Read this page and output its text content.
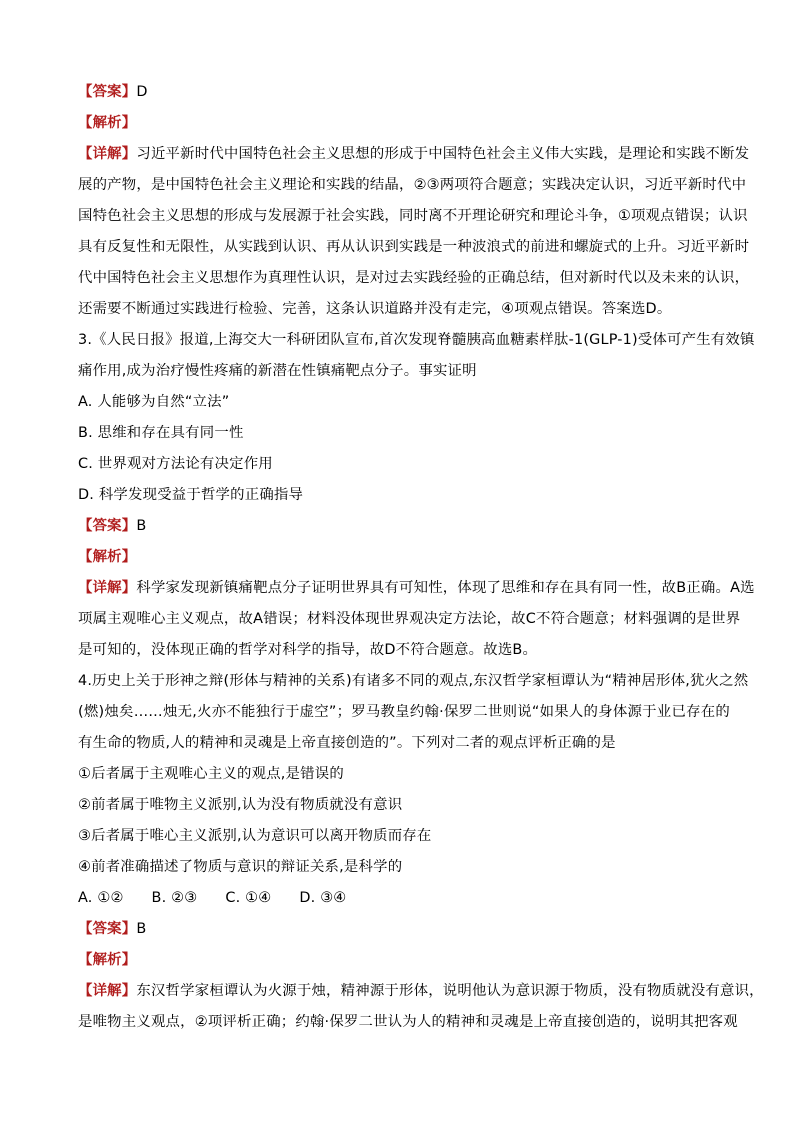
【答案】D
【解析】
【详解】习近平新时代中国特色社会主义思想的形成于中国特色社会主义伟大实践，是理论和实践不断发
展的产物，是中国特色社会主义理论和实践的结晶，②③两项符合题意；实践决定认识，习近平新时代中
国特色社会主义思想的形成与发展源于社会实践，同时离不开理论研究和理论斗争，①项观点错误；认识
具有反复性和无限性，从实践到认识、再从认识到实践是一种波浪式的前进和螺旋式的上升。习近平新时
代中国特色社会主义思想作为真理性认识，是对过去实践经验的正确总结，但对新时代以及未来的认识，
还需要不断通过实践进行检验、完善，这条认识道路并没有走完，④项观点错误。答案选D。
3.《人民日报》报道,上海交大一科研团队宣布,首次发现脊髓胰高血糖素样肽-1(GLP-1)受体可产生有效镇
痛作用,成为治疗慢性疼痛的新潜在性镇痛靶点分子。事实证明
A. 人能够为自然“立法”
B. 思维和存在具有同一性
C. 世界观对方法论有决定作用
D. 科学发现受益于哲学的正确指导
【答案】B
【解析】
【详解】科学家发现新镇痛靶点分子证明世界具有可知性，体现了思维和存在具有同一性，故B正确。A选
项属主观唯心主义观点，故A错误；材料没体现世界观决定方法论，故C不符合题意；材料强调的是世界
是可知的，没体现正确的哲学对科学的指导，故D不符合题意。故选B。
4.历史上关于形神之辩(形体与精神的关系)有诸多不同的观点,东汉哲学家桓谭认为“精神居形体,犹火之然
(燃)烛矣……烛无,火亦不能独行于虚空”；罗马教皇约翰·保罗二世则说“如果人的身体源于业已存在的
有生命的物质,人的精神和灵魂是上帝直接创造的”。下列对二者的观点评析正确的是
①后者属于主观唯心主义的观点,是错误的
②前者属于唯物主义派别,认为没有物质就没有意识
③后者属于唯心主义派别,认为意识可以离开物质而存在
④前者准确描述了物质与意识的辩证关系,是科学的
A. ①② B. ②③ C. ①④ D. ③④
【答案】B
【解析】
【详解】东汉哲学家桓谭认为火源于烛，精神源于形体，说明他认为意识源于物质，没有物质就没有意识，
是唯物主义观点，②项评析正确；约翰·保罗二世认为人的精神和灵魂是上帝直接创造的，说明其把客观
